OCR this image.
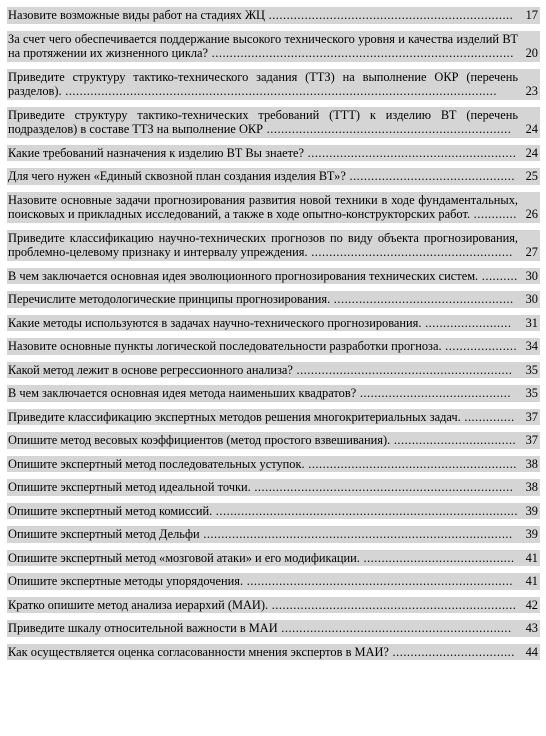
Назовите возможные виды работ на стадиях ЖЦ .................................................................... 17
За счет чего обеспечивается поддержание высокого технического уровня и качества изделий ВТ на протяжении их жизненного цикла? .................................................................................... 20
Приведите структуру тактико-технического задания (ТТЗ) на выполнение ОКР (перечень разделов). ........................................................................................................................	23
Приведите структуру тактико-технических требований (ТТТ) к изделию ВТ (перечень подразделов) в составе ТТЗ на выполнение ОКР ....................................................................	24
Какие требований назначения к изделию ВТ Вы знаете? .......................................................... 24
Для чего нужен «Единый сквозной план создания изделия ВТ»? .............................................. 25
Назовите основные задачи прогнозирования развития новой техники в ходе фундаментальных, поисковых и прикладных исследований, а также в ходе опытно-конструкторских работ. ............ 26
Приведите классификацию научно-технических прогнозов по виду объекта прогнозирования, проблемно-целевому признаку и интервалу упреждения. ........................................................	27
В чем заключается основная идея эволюционного прогнозирования технических систем. .......... 30
Перечислите методологические принципы прогнозирования. .................................................. 30
Какие методы используются в задачах научно-технического прогнозирования. ........................	31
Назовите основные пункты логической последовательности разработки прогноза. .................... 34
Какой метод лежит в основе регрессионного анализа? ............................................................	35
В чем заключается основная идея метода наименьших квадратов? ..........................................	35
Приведите классификацию экспертных методов решения многокритериальных задач. .............. 37
Опишите метод весовых коэффициентов (метод простого взвешивания). .................................. 37
Опишите экспертный метод последовательных уступок. .......................................................... 38
Опишите экспертный метод идеальной точки. ........................................................................ 38
Опишите экспертный метод комиссий. .................................................................................... 39
Опишите экспертный метод Дельфи ......................................................................................	39
Опишите экспертный метод «мозговой атаки» и его модификации. .......................................... 41
Опишите экспертные методы упорядочения. ..........................................................................	41
Кратко опишите метод анализа иерархий (МАИ). .................................................................... 42
Приведите шкалу относительной важности в МАИ ................................................................	43
Как осуществляется оценка согласованности мнения экспертов в МАИ? .................................. 44
